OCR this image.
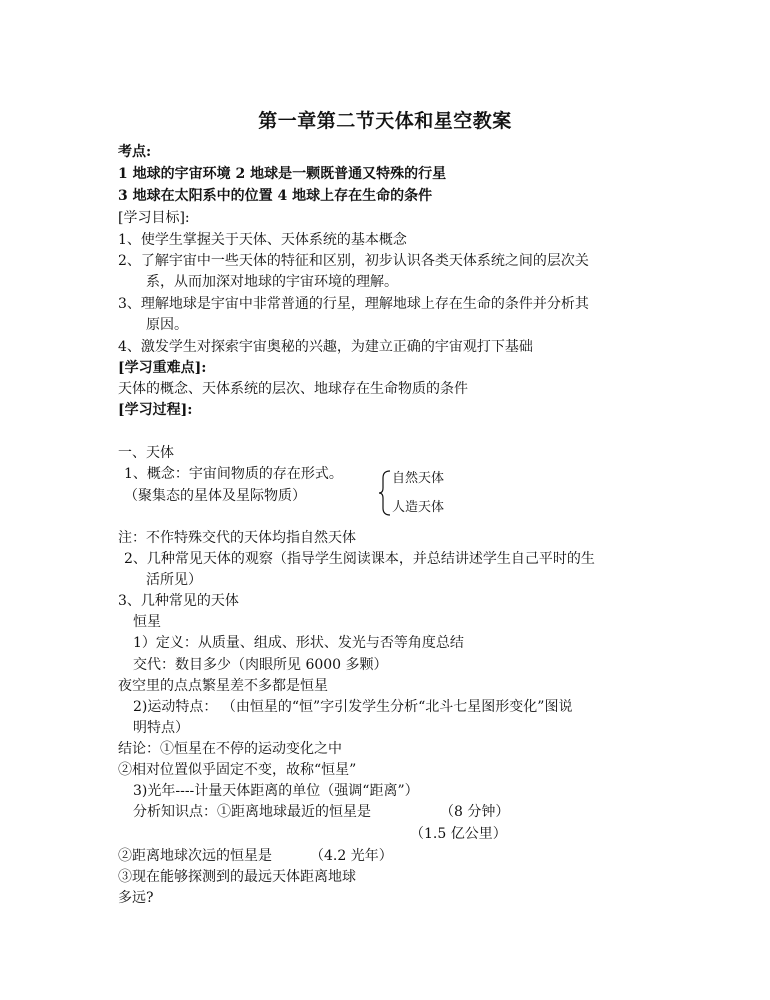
第一章第二节天体和星空教案
考点:
1 地球的宇宙环境 2 地球是一颗既普通又特殊的行星
3 地球在太阳系中的位置 4 地球上存在生命的条件
[学习目标]:
1、使学生掌握关于天体、天体系统的基本概念
2、了解宇宙中一些天体的特征和区别，初步认识各类天体系统之间的层次关
系，从而加深对地球的宇宙环境的理解。
3、理解地球是宇宙中非常普通的行星，理解地球上存在生命的条件并分析其
原因。
4、激发学生对探索宇宙奥秘的兴趣，为建立正确的宇宙观打下基础
[学习重难点]:
天体的概念、天体系统的层次、地球存在生命物质的条件
[学习过程]:
一、天体
1、概念：宇宙间物质的存在形式。
（聚集态的星体及星际物质）
自然天体
人造天体
注：不作特殊交代的天体均指自然天体
2、几种常见天体的观察（指导学生阅读课本，并总结讲述学生自己平时的生
活所见）
3、几种常见的天体
恒星
1）定义：从质量、组成、形状、发光与否等角度总结
交代：数目多少（肉眼所见 6000 多颗）
夜空里的点点繁星差不多都是恒星
2)运动特点： （由恒星的“恒”字引发学生分析“北斗七星图形变化”图说
明特点）
结论：①恒星在不停的运动变化之中
②相对位置似乎固定不变，故称“恒星”
3)光年----计量天体距离的单位（强调“距离”）
分析知识点：①距离地球最近的恒星是	（8 分钟）
（1.5 亿公里）
②距离地球次远的恒星是	（4.2 光年）
③现在能够探测到的最远天体距离地球
多远?
